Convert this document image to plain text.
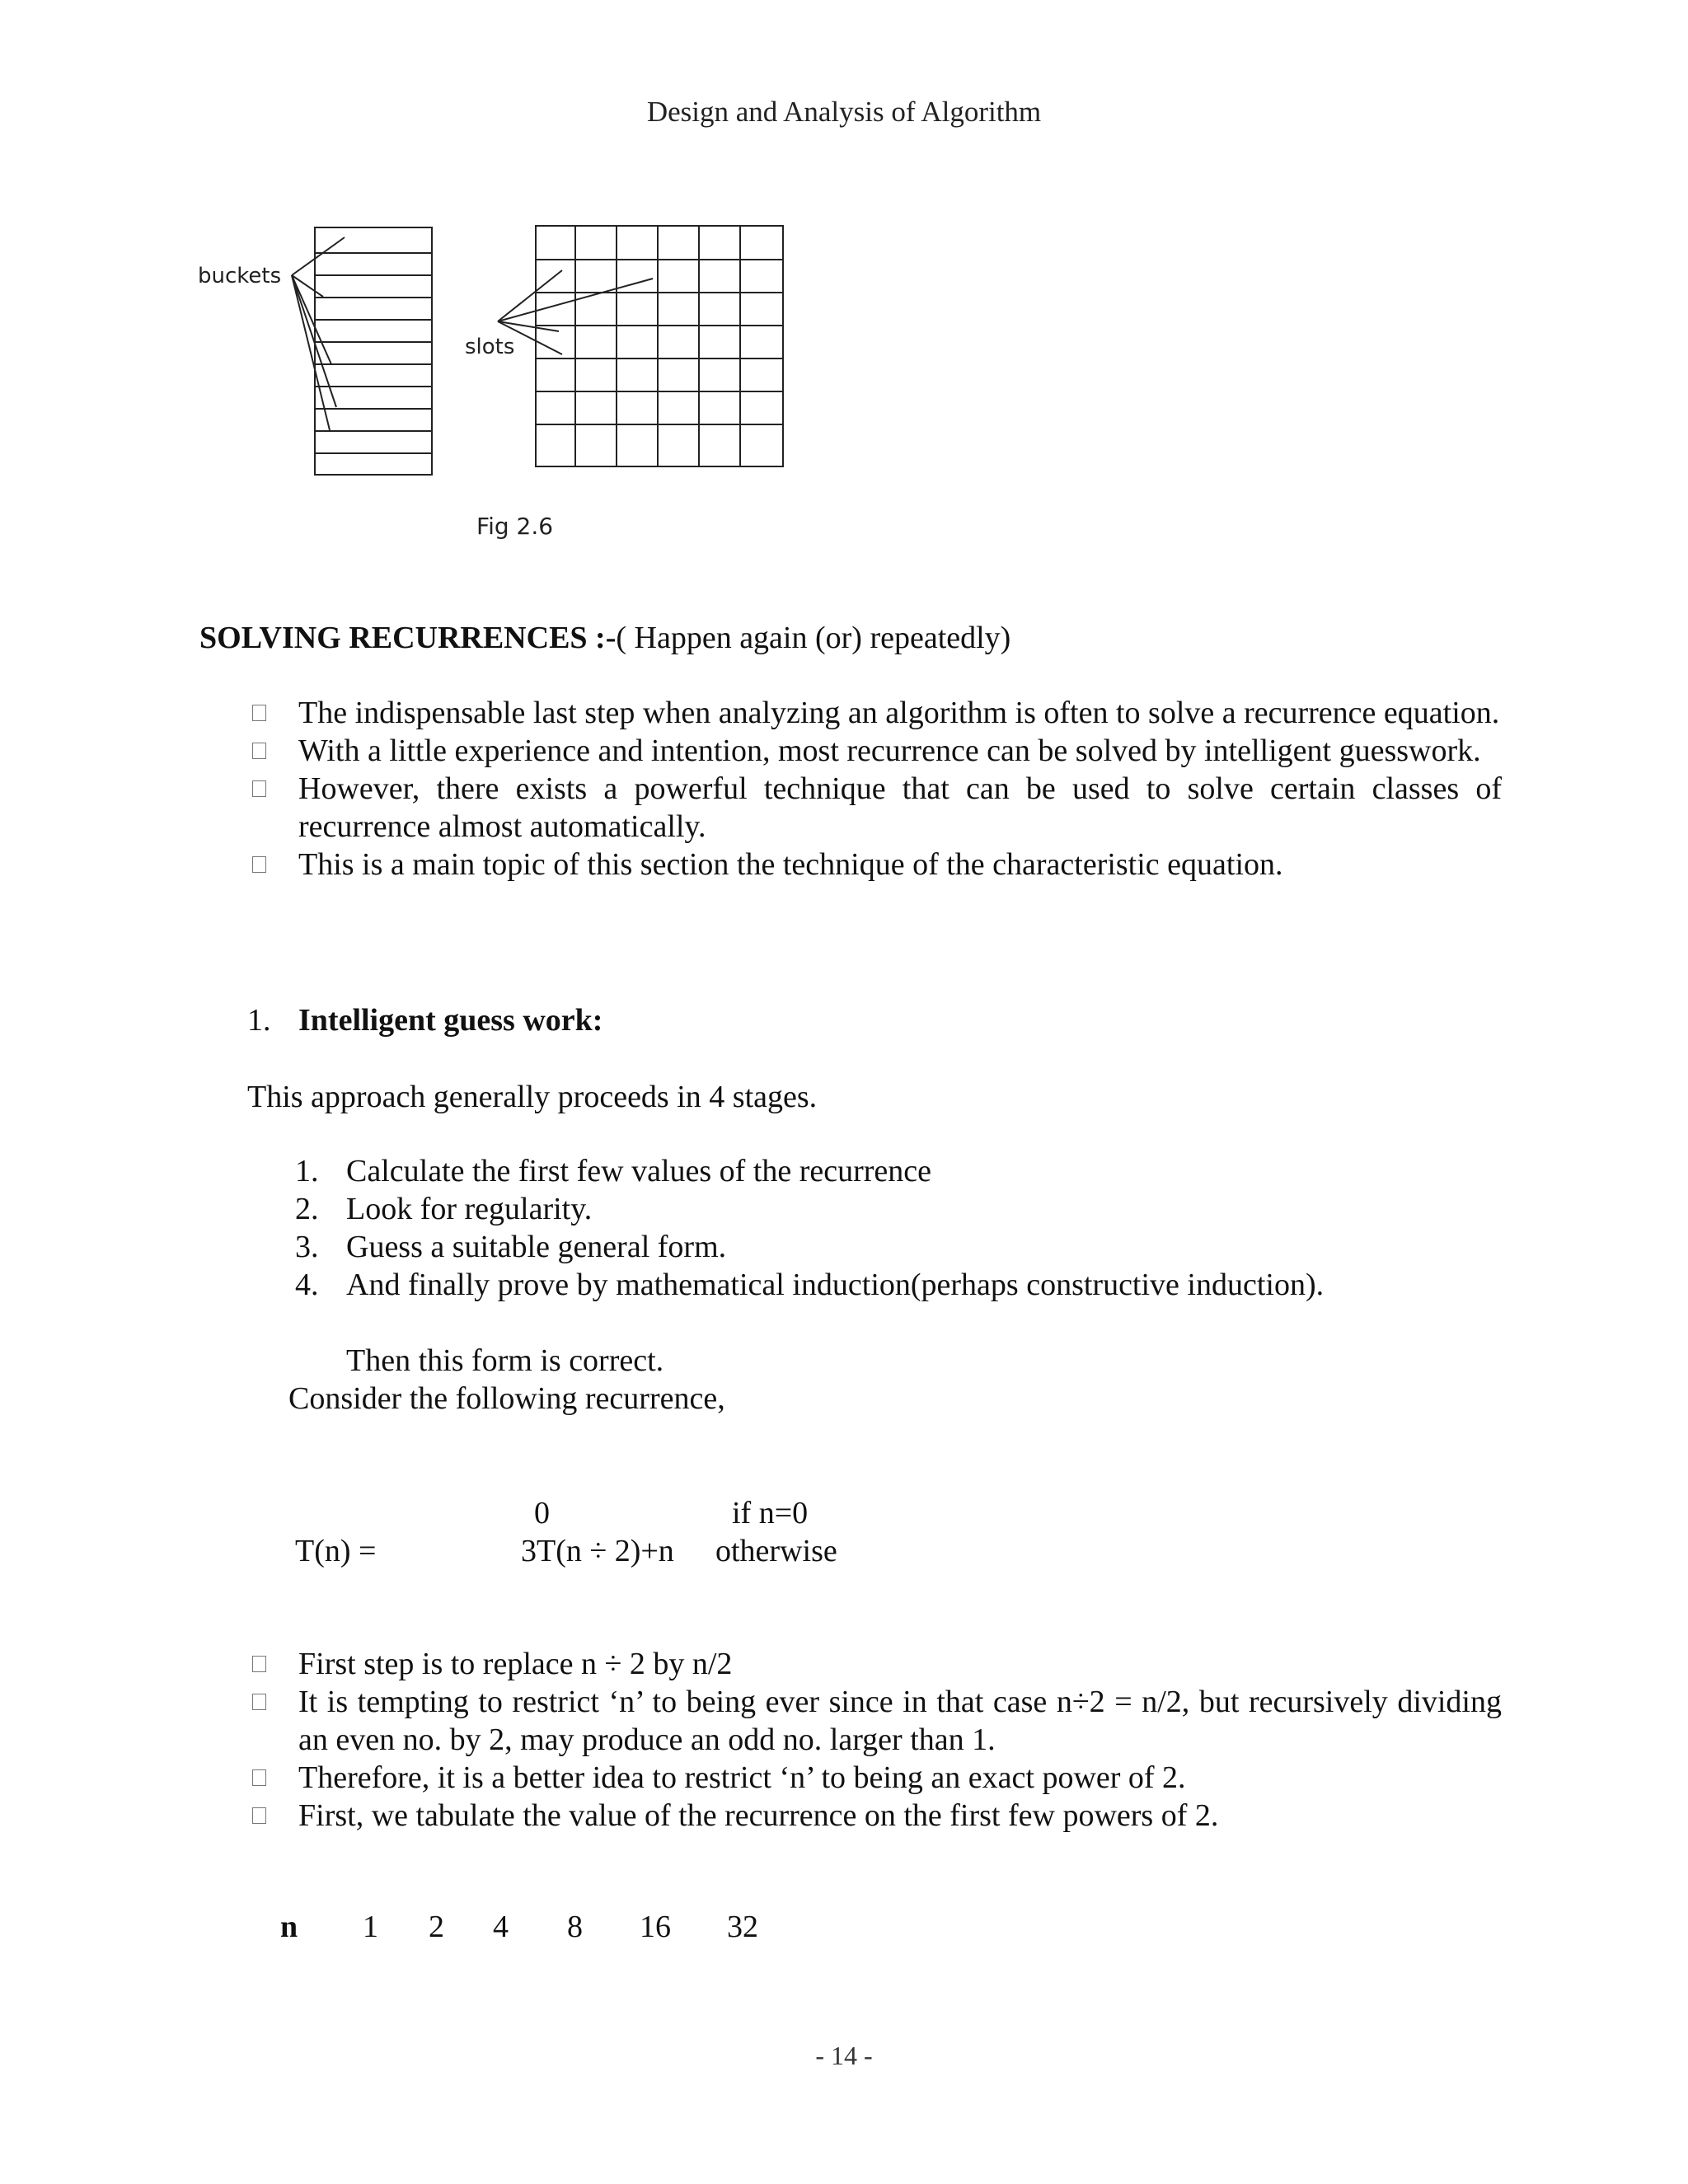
Design and Analysis of Algorithm
buckets
slots
Fig 2.6
SOLVING RECURRENCES :-( Happen again (or) repeatedly)
The indispensable last step when analyzing an algorithm is often to solve a recurrence equation.
With a little experience and intention, most recurrence can be solved by intelligent guesswork.
However, there exists a powerful technique that can be used to solve certain classes of recurrence almost automatically.
This is a main topic of this section the technique of the characteristic equation.
1. Intelligent guess work:
This approach generally proceeds in 4 stages.
1. Calculate the first few values of the recurrence
2. Look for regularity.
3. Guess a suitable general form.
4. And finally prove by mathematical induction(perhaps constructive induction).
Then this form is correct.
Consider the following recurrence,
0	if n=0
T(n) =	3T(n ÷ 2)+n otherwise
First step is to replace n ÷ 2 by n/2
It is tempting to restrict ‘n’ to being ever since in that case n÷2 = n/2, but recursively dividing an even no. by 2, may produce an odd no. larger than 1.
Therefore, it is a better idea to restrict ‘n’ to being an exact power of 2.
First, we tabulate the value of the recurrence on the first few powers of 2.
n 1 2 4 8 16 32
- 14 -
